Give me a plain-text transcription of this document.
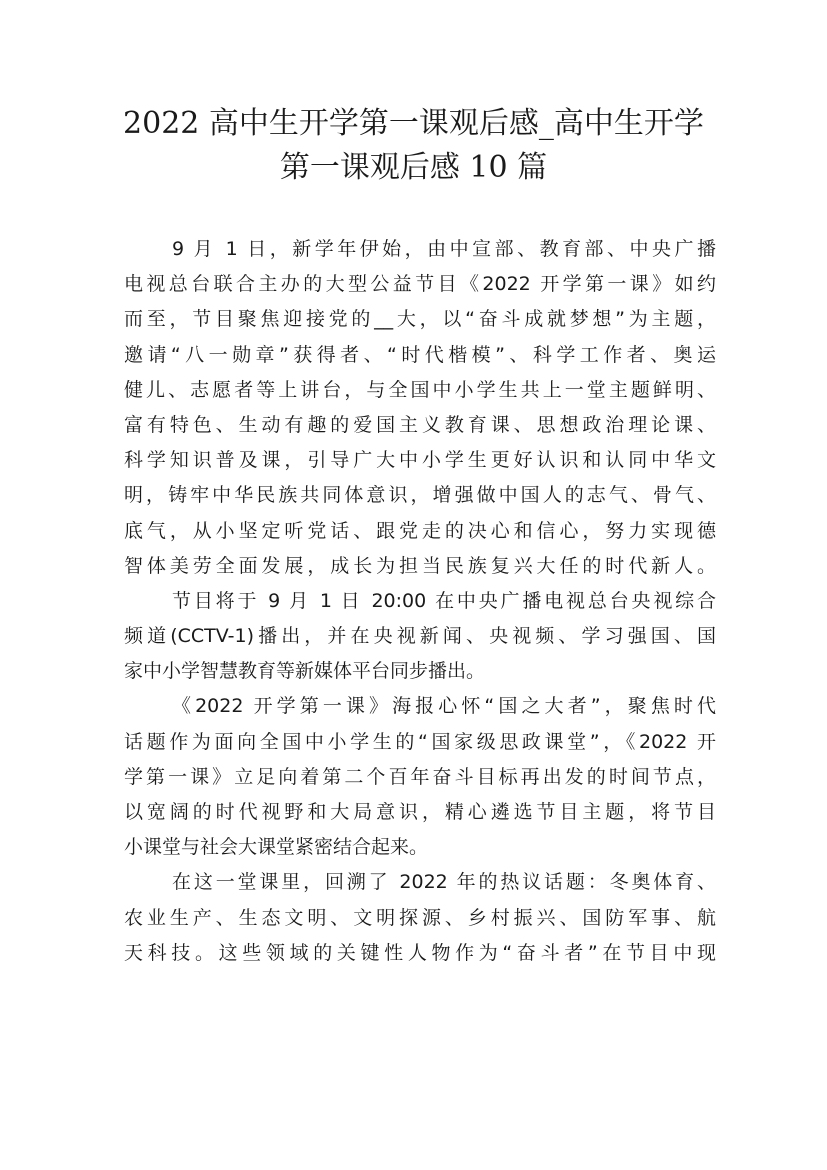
2022 高中生开学第一课观后感_高中生开学
第一课观后感 10 篇
9 月 1 日，新学年伊始，由中宣部、教育部、中央广播
电视总台联合主办的大型公益节目《2022 开学第一课》如约
而至，节目聚焦迎接党的__大，以“奋斗成就梦想”为主题，
邀请“八一勋章”获得者、“时代楷模”、科学工作者、奥运
健儿、志愿者等上讲台，与全国中小学生共上一堂主题鲜明、
富有特色、生动有趣的爱国主义教育课、思想政治理论课、
科学知识普及课，引导广大中小学生更好认识和认同中华文
明，铸牢中华民族共同体意识，增强做中国人的志气、骨气、
底气，从小坚定听党话、跟党走的决心和信心，努力实现德
智体美劳全面发展，成长为担当民族复兴大任的时代新人。
节目将于 9 月 1 日 20:00 在中央广播电视总台央视综合
频道(CCTV-1)播出，并在央视新闻、央视频、学习强国、国
家中小学智慧教育等新媒体平台同步播出。
《2022 开学第一课》海报心怀“国之大者”，聚焦时代
话题作为面向全国中小学生的“国家级思政课堂”，《2022 开
学第一课》立足向着第二个百年奋斗目标再出发的时间节点，
以宽阔的时代视野和大局意识，精心遴选节目主题，将节目
小课堂与社会大课堂紧密结合起来。
在这一堂课里，回溯了 2022 年的热议话题：冬奥体育、
农业生产、生态文明、文明探源、乡村振兴、国防军事、航
天科技。这些领域的关键性人物作为“奋斗者”在节目中现
